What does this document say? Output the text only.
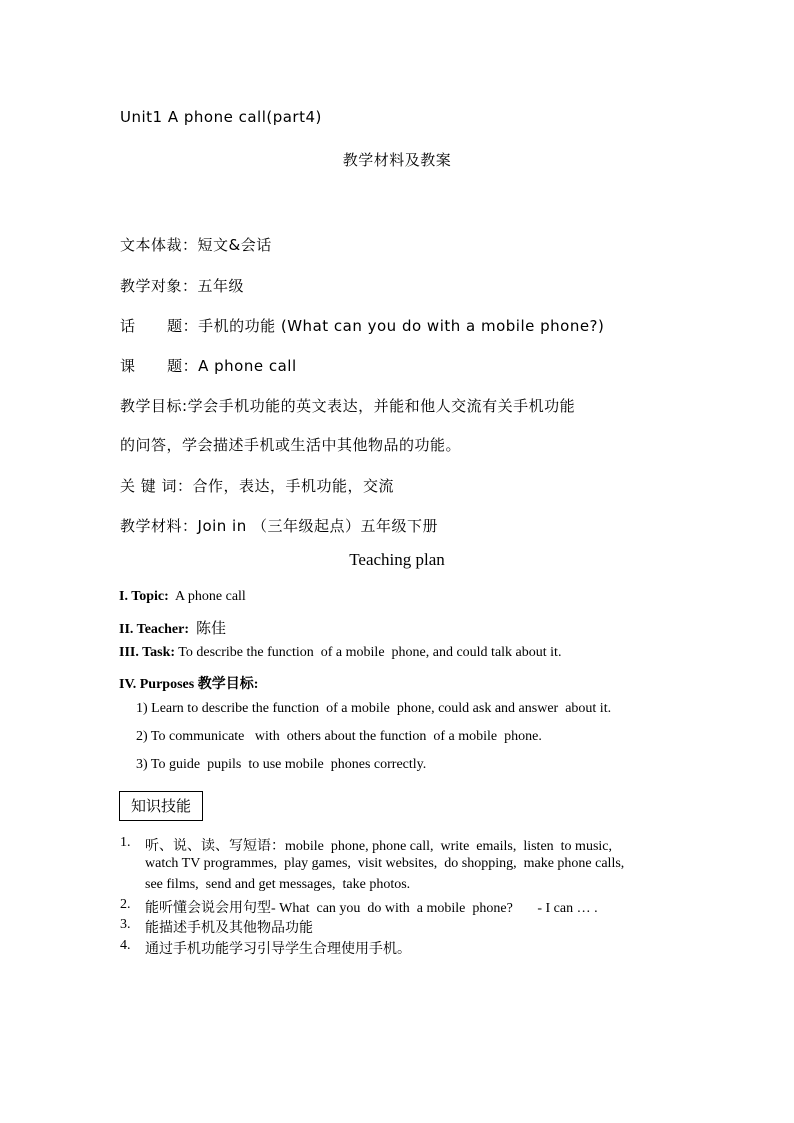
Unit1 A phone call(part4)
教学材料及教案
文本体裁：短文&会话
教学对象：五年级
话      题：手机的功能 (What can you do with a mobile phone?)
课      题：A phone call
教学目标:学会手机功能的英文表达，并能和他人交流有关手机功能
的问答，学会描述手机或生活中其他物品的功能。
关 键 词：合作，表达，手机功能，交流
教学材料：Join in （三年级起点）五年级下册
Teaching plan
I. Topic: A phone call
II. Teacher: 陈佳
III. Task: To describe the function  of a mobile  phone, and could talk about it.
IV. Purposes 教学目标:
1) Learn to describe the function  of a mobile  phone, could ask and answer  about it.
2) To communicate   with  others about the function  of a mobile  phone.
3) To guide  pupils  to use mobile  phones correctly.
知识技能
1. 听、说、读、写短语：mobile  phone, phone call,  write  emails,  listen  to music,
watch TV programmes,  play games,  visit websites,  do shopping,  make phone calls,
see films,  send and get messages,  take photos.
2. 能听懂会说会用句型- What  can you  do with  a mobile  phone?       - I can … .
3. 能描述手机及其他物品功能
4. 通过手机功能学习引导学生合理使用手机。
